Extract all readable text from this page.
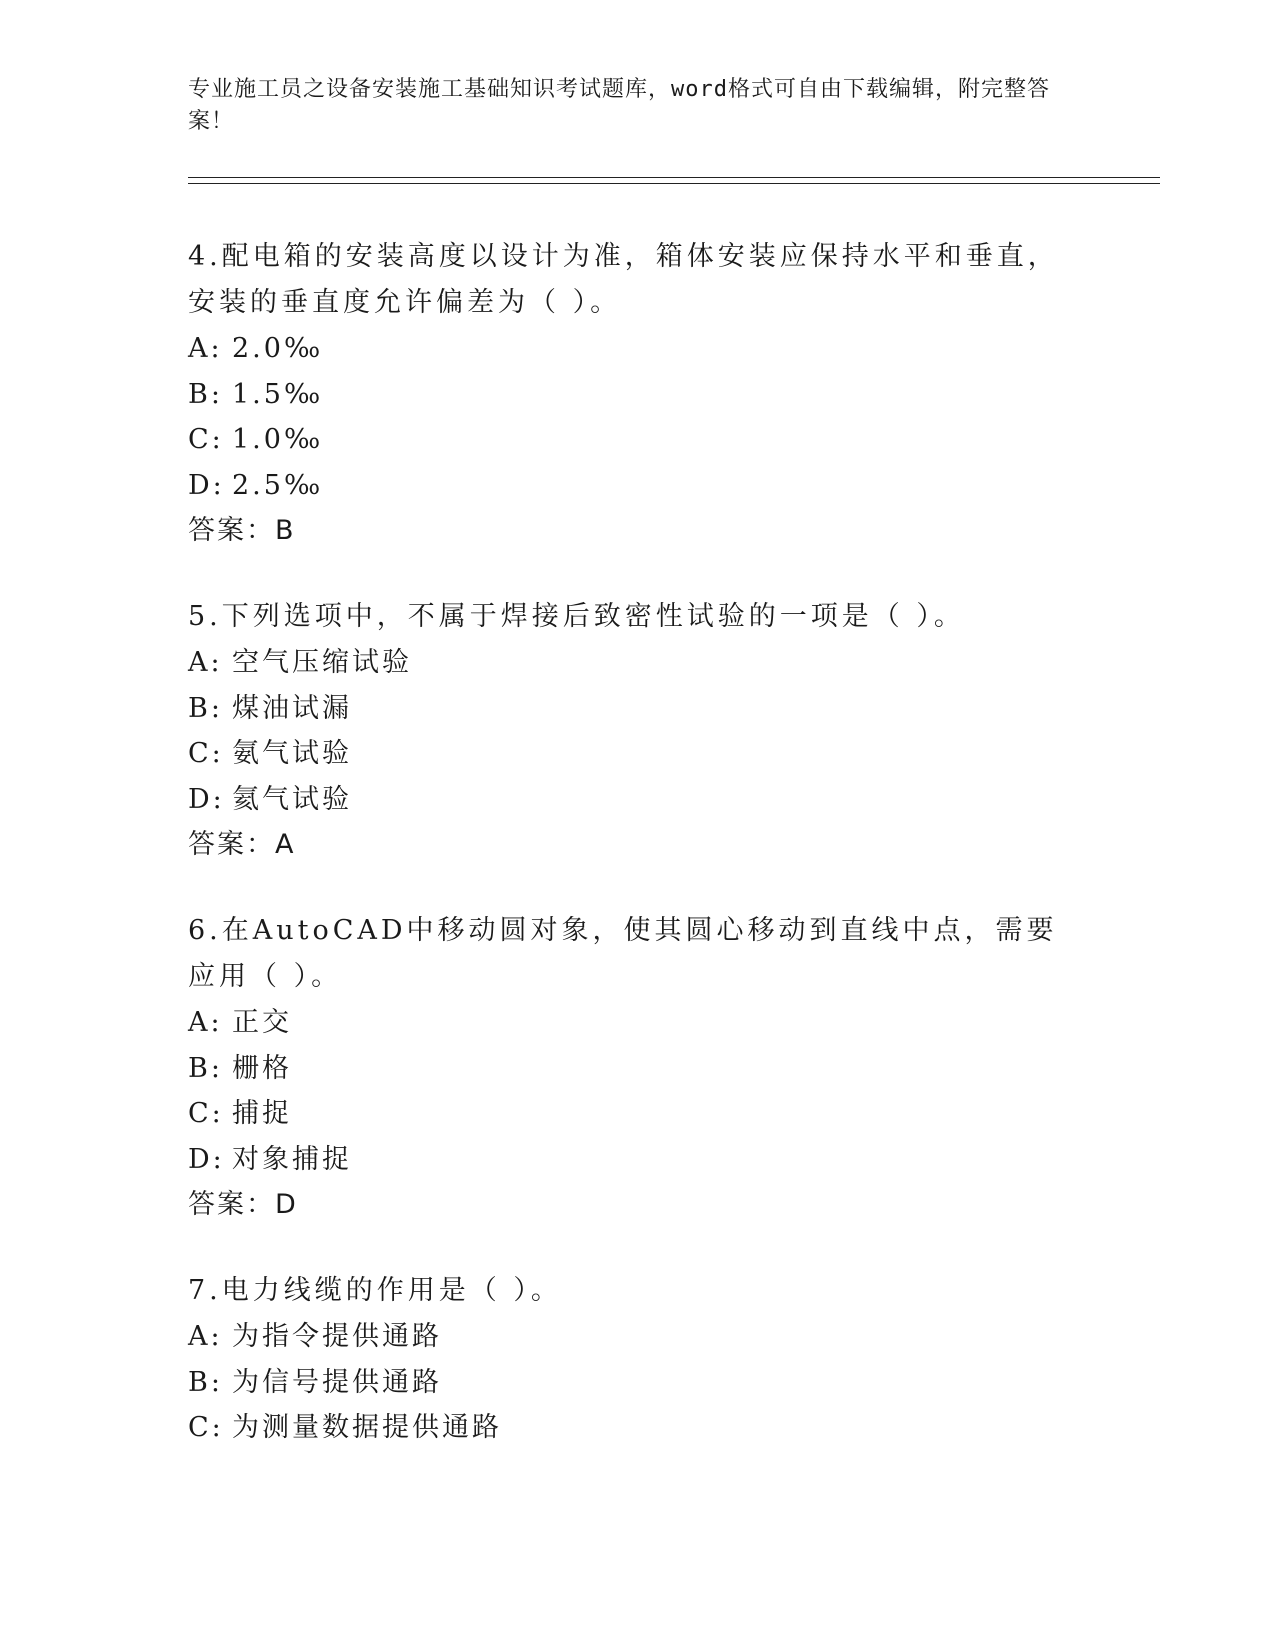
专业施工员之设备安装施工基础知识考试题库，word格式可自由下载编辑，附完整答案！

4.配电箱的安装高度以设计为准，箱体安装应保持水平和垂直，安装的垂直度允许偏差为（ ）。

A: 2.0‰
B: 1.5‰
C: 1.0‰
D: 2.5‰
答案：B

5.下列选项中，不属于焊接后致密性试验的一项是（ ）。

A: 空气压缩试验
B: 煤油试漏
C: 氨气试验
D: 氦气试验
答案：A

6.在AutoCAD中移动圆对象，使其圆心移动到直线中点，需要应用（ ）。

A: 正交
B: 栅格
C: 捕捉
D: 对象捕捉
答案：D

7.电力线缆的作用是（ ）。

A: 为指令提供通路
B: 为信号提供通路
C: 为测量数据提供通路
